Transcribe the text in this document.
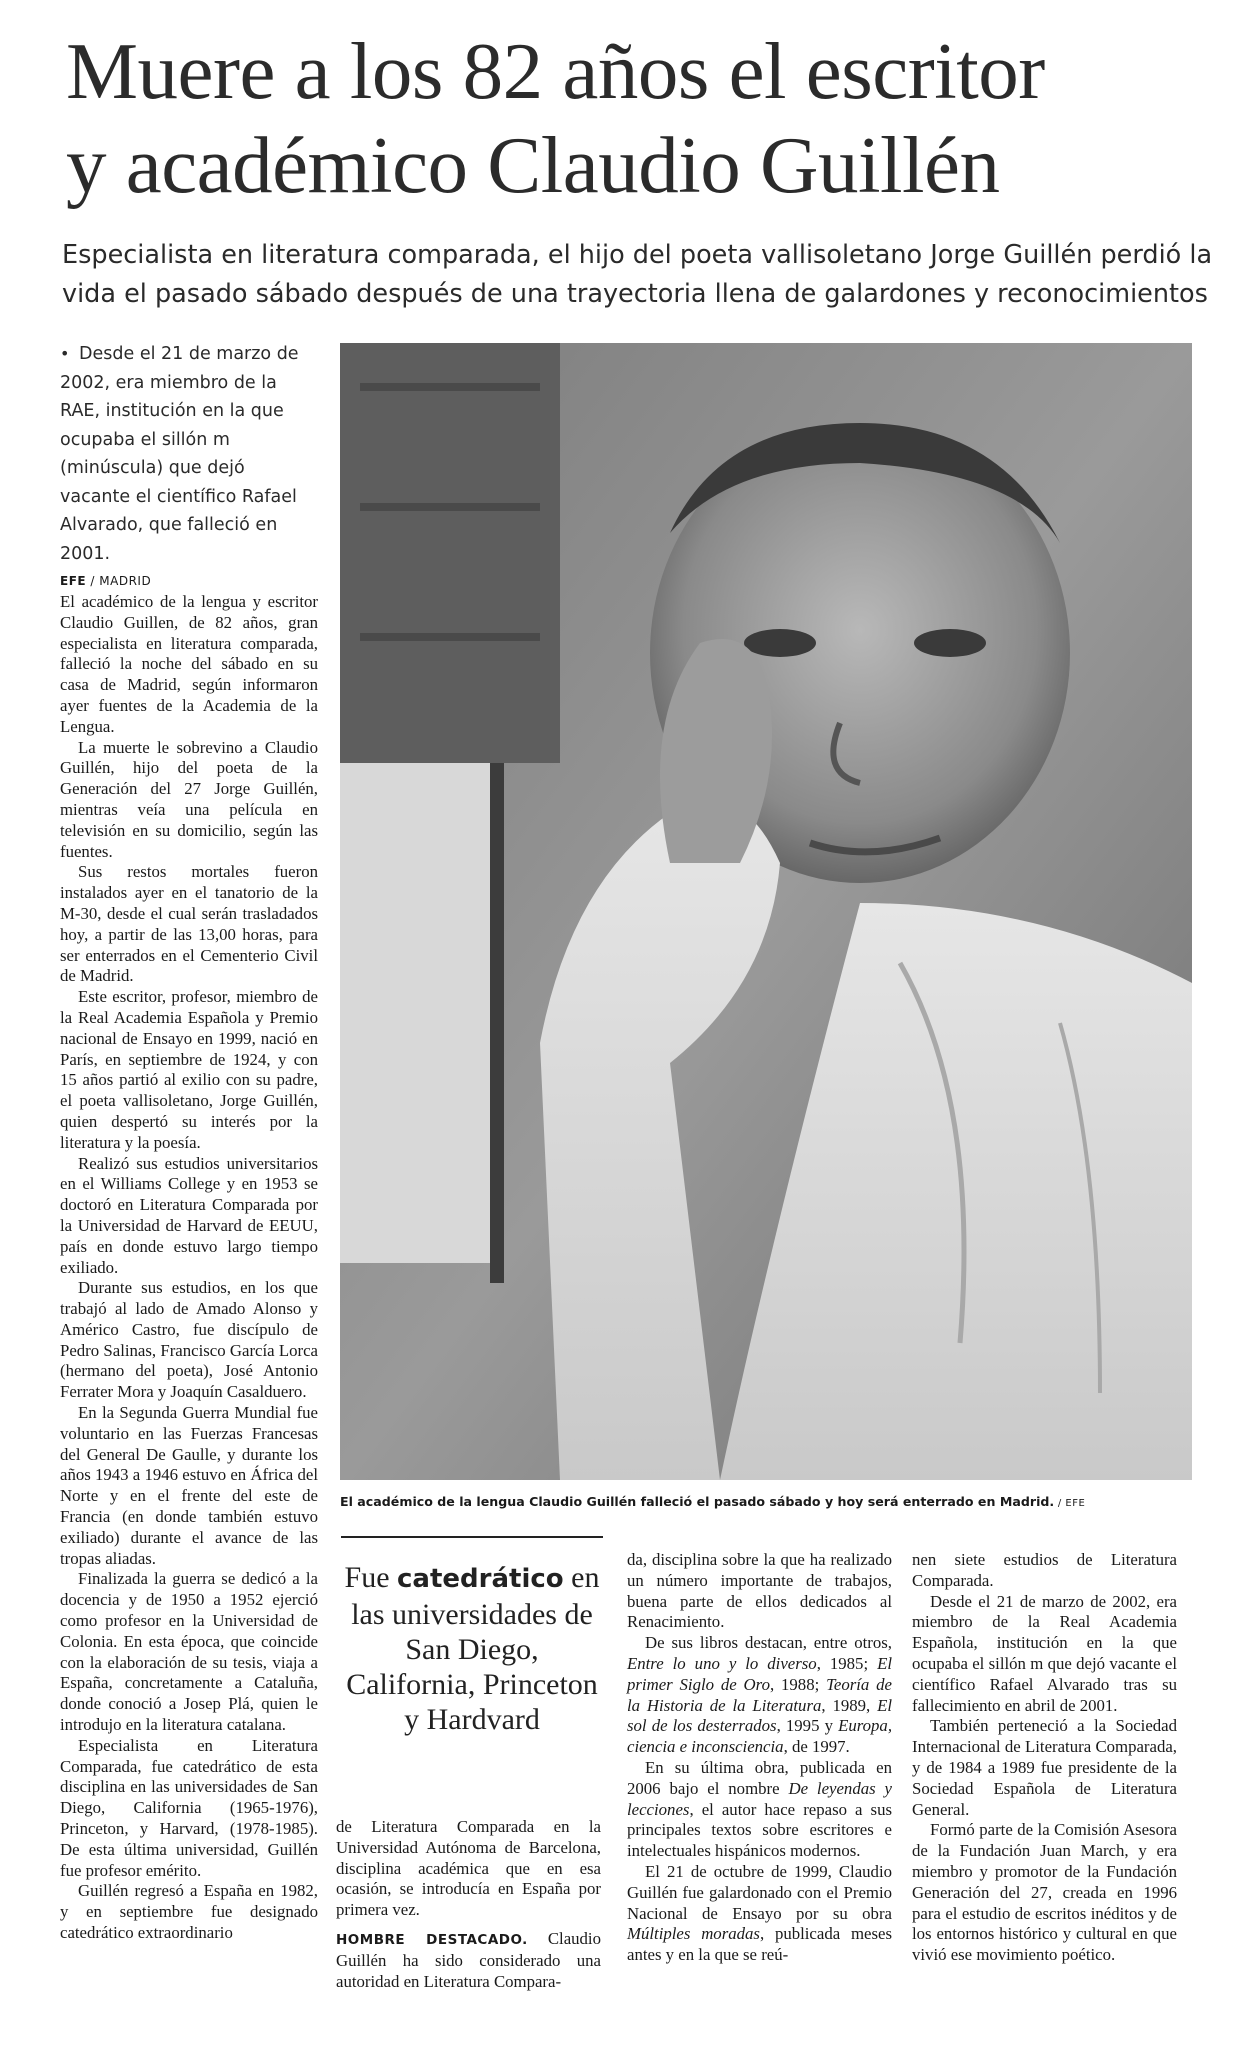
Muere a los 82 años el escritor
y académico Claudio Guillén

Especialista en literatura comparada, el hijo del poeta vallisoletano Jorge Guillén perdió la vida el pasado sábado después de una trayectoria llena de galardones y reconocimientos

• Desde el 21 de marzo de 2002, era miembro de la RAE, institución en la que ocupaba el sillón m (minúscula) que dejó vacante el científico Rafael Alvarado, que falleció en 2001.
EFE / MADRID

El académico de la lengua y escritor Claudio Guillen, de 82 años, gran especialista en literatura comparada, falleció la noche del sábado en su casa de Madrid, según informaron ayer fuentes de la Academia de la Lengua.

La muerte le sobrevino a Claudio Guillén, hijo del poeta de la Generación del 27 Jorge Guillén, mientras veía una película en televisión en su domicilio, según las fuentes.

Sus restos mortales fueron instalados ayer en el tanatorio de la M-30, desde el cual serán trasladados hoy, a partir de las 13,00 horas, para ser enterrados en el Cementerio Civil de Madrid.

Este escritor, profesor, miembro de la Real Academia Española y Premio nacional de Ensayo en 1999, nació en París, en septiembre de 1924, y con 15 años partió al exilio con su padre, el poeta vallisoletano, Jorge Guillén, quien despertó su interés por la literatura y la poesía.

Realizó sus estudios universitarios en el Williams College y en 1953 se doctoró en Literatura Comparada por la Universidad de Harvard de EEUU, país en donde estuvo largo tiempo exiliado.

Durante sus estudios, en los que trabajó al lado de Amado Alonso y Américo Castro, fue discípulo de Pedro Salinas, Francisco García Lorca (hermano del poeta), José Antonio Ferrater Mora y Joaquín Casalduero.

En la Segunda Guerra Mundial fue voluntario en las Fuerzas Francesas del General De Gaulle, y durante los años 1943 a 1946 estuvo en África del Norte y en el frente del este de Francia (en donde también estuvo exiliado) durante el avance de las tropas aliadas.

Finalizada la guerra se dedicó a la docencia y de 1950 a 1952 ejerció como profesor en la Universidad de Colonia. En esta época, que coincide con la elaboración de su tesis, viaja a España, concretamente a Cataluña, donde conoció a Josep Plá, quien le introdujo en la literatura catalana.

Especialista en Literatura Comparada, fue catedrático de esta disciplina en las universidades de San Diego, California (1965-1976), Princeton, y Harvard, (1978-1985). De esta última universidad, Guillén fue profesor emérito.

Guillén regresó a España en 1982, y en septiembre fue designado catedrático extraordinario

El académico de la lengua Claudio Guillén falleció el pasado sábado y hoy será enterrado en Madrid. / EFE
Fue catedrático en las universidades de San Diego, California, Princeton y Hardvard

de Literatura Comparada en la Universidad Autónoma de Barcelona, disciplina académica que en esa ocasión, se introducía en España por primera vez.

HOMBRE DESTACADO. Claudio Guillén ha sido considerado una autoridad en Literatura Compara-

da, disciplina sobre la que ha realizado un número importante de trabajos, buena parte de ellos dedicados al Renacimiento.

De sus libros destacan, entre otros, Entre lo uno y lo diverso, 1985; El primer Siglo de Oro, 1988; Teoría de la Historia de la Literatura, 1989, El sol de los desterrados, 1995 y Europa, ciencia e inconsciencia, de 1997.

En su última obra, publicada en 2006 bajo el nombre De leyendas y lecciones, el autor hace repaso a sus principales textos sobre escritores e intelectuales hispánicos modernos.

El 21 de octubre de 1999, Claudio Guillén fue galardonado con el Premio Nacional de Ensayo por su obra Múltiples moradas, publicada meses antes y en la que se reú-

nen siete estudios de Literatura Comparada.

Desde el 21 de marzo de 2002, era miembro de la Real Academia Española, institución en la que ocupaba el sillón m que dejó vacante el científico Rafael Alvarado tras su fallecimiento en abril de 2001.

También perteneció a la Sociedad Internacional de Literatura Comparada, y de 1984 a 1989 fue presidente de la Sociedad Española de Literatura General.

Formó parte de la Comisión Asesora de la Fundación Juan March, y era miembro y promotor de la Fundación Generación del 27, creada en 1996 para el estudio de escritos inéditos y de los entornos histórico y cultural en que vivió ese movimiento poético.
